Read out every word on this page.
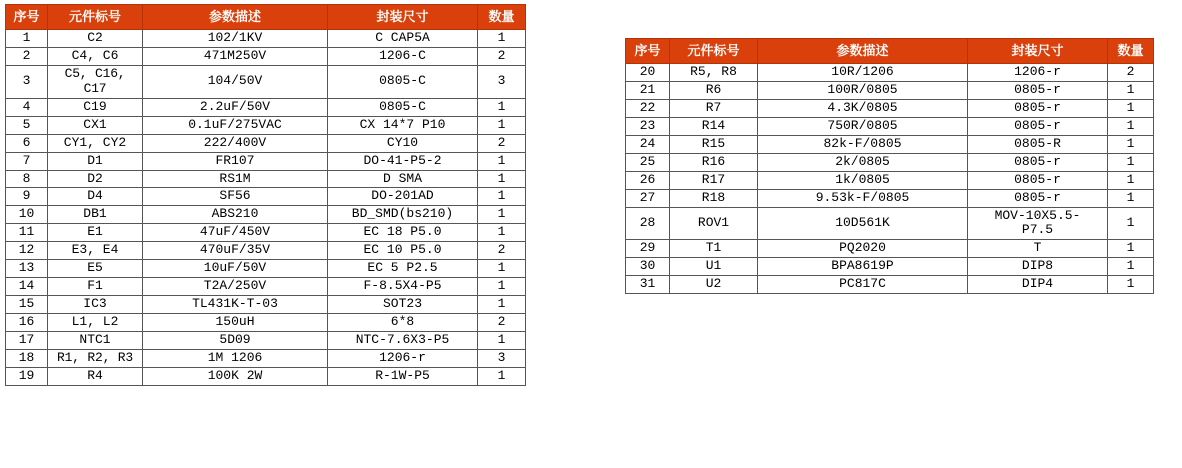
序号	元件标号	参数描述	封装尺寸	数量
1	C2	102/1KV	C CAP5A	1
2	C4, C6	471M250V	1206-C	2
3	C5, C16,
C17	104/50V	0805-C	3
4	C19	2.2uF/50V	0805-C	1
5	CX1	0.1uF/275VAC	CX 14*7 P10	1
6	CY1, CY2	222/400V	CY10	2
7	D1	FR107	DO-41-P5-2	1
8	D2	RS1M	D SMA	1
9	D4	SF56	DO-201AD	1
10	DB1	ABS210	BD_SMD(bs210)	1
11	E1	47uF/450V	EC 18 P5.0	1
12	E3, E4	470uF/35V	EC 10 P5.0	2
13	E5	10uF/50V	EC 5 P2.5	1
14	F1	T2A/250V	F-8.5X4-P5	1
15	IC3	TL431K-T-03	SOT23	1
16	L1, L2	150uH	6*8	2
17	NTC1	5D09	NTC-7.6X3-P5	1
18	R1, R2, R3	1M 1206	1206-r	3
19	R4	100K 2W	R-1W-P5	1
序号	元件标号	参数描述	封装尺寸	数量
20	R5, R8	10R/1206	1206-r	2
21	R6	100R/0805	0805-r	1
22	R7	4.3K/0805	0805-r	1
23	R14	750R/0805	0805-r	1
24	R15	82k-F/0805	0805-R	1
25	R16	2k/0805	0805-r	1
26	R17	1k/0805	0805-r	1
27	R18	9.53k-F/0805	0805-r	1
28	ROV1	10D561K	MOV-10X5.5-
P7.5	1
29	T1	PQ2020	T	1
30	U1	BPA8619P	DIP8	1
31	U2	PC817C	DIP4	1
